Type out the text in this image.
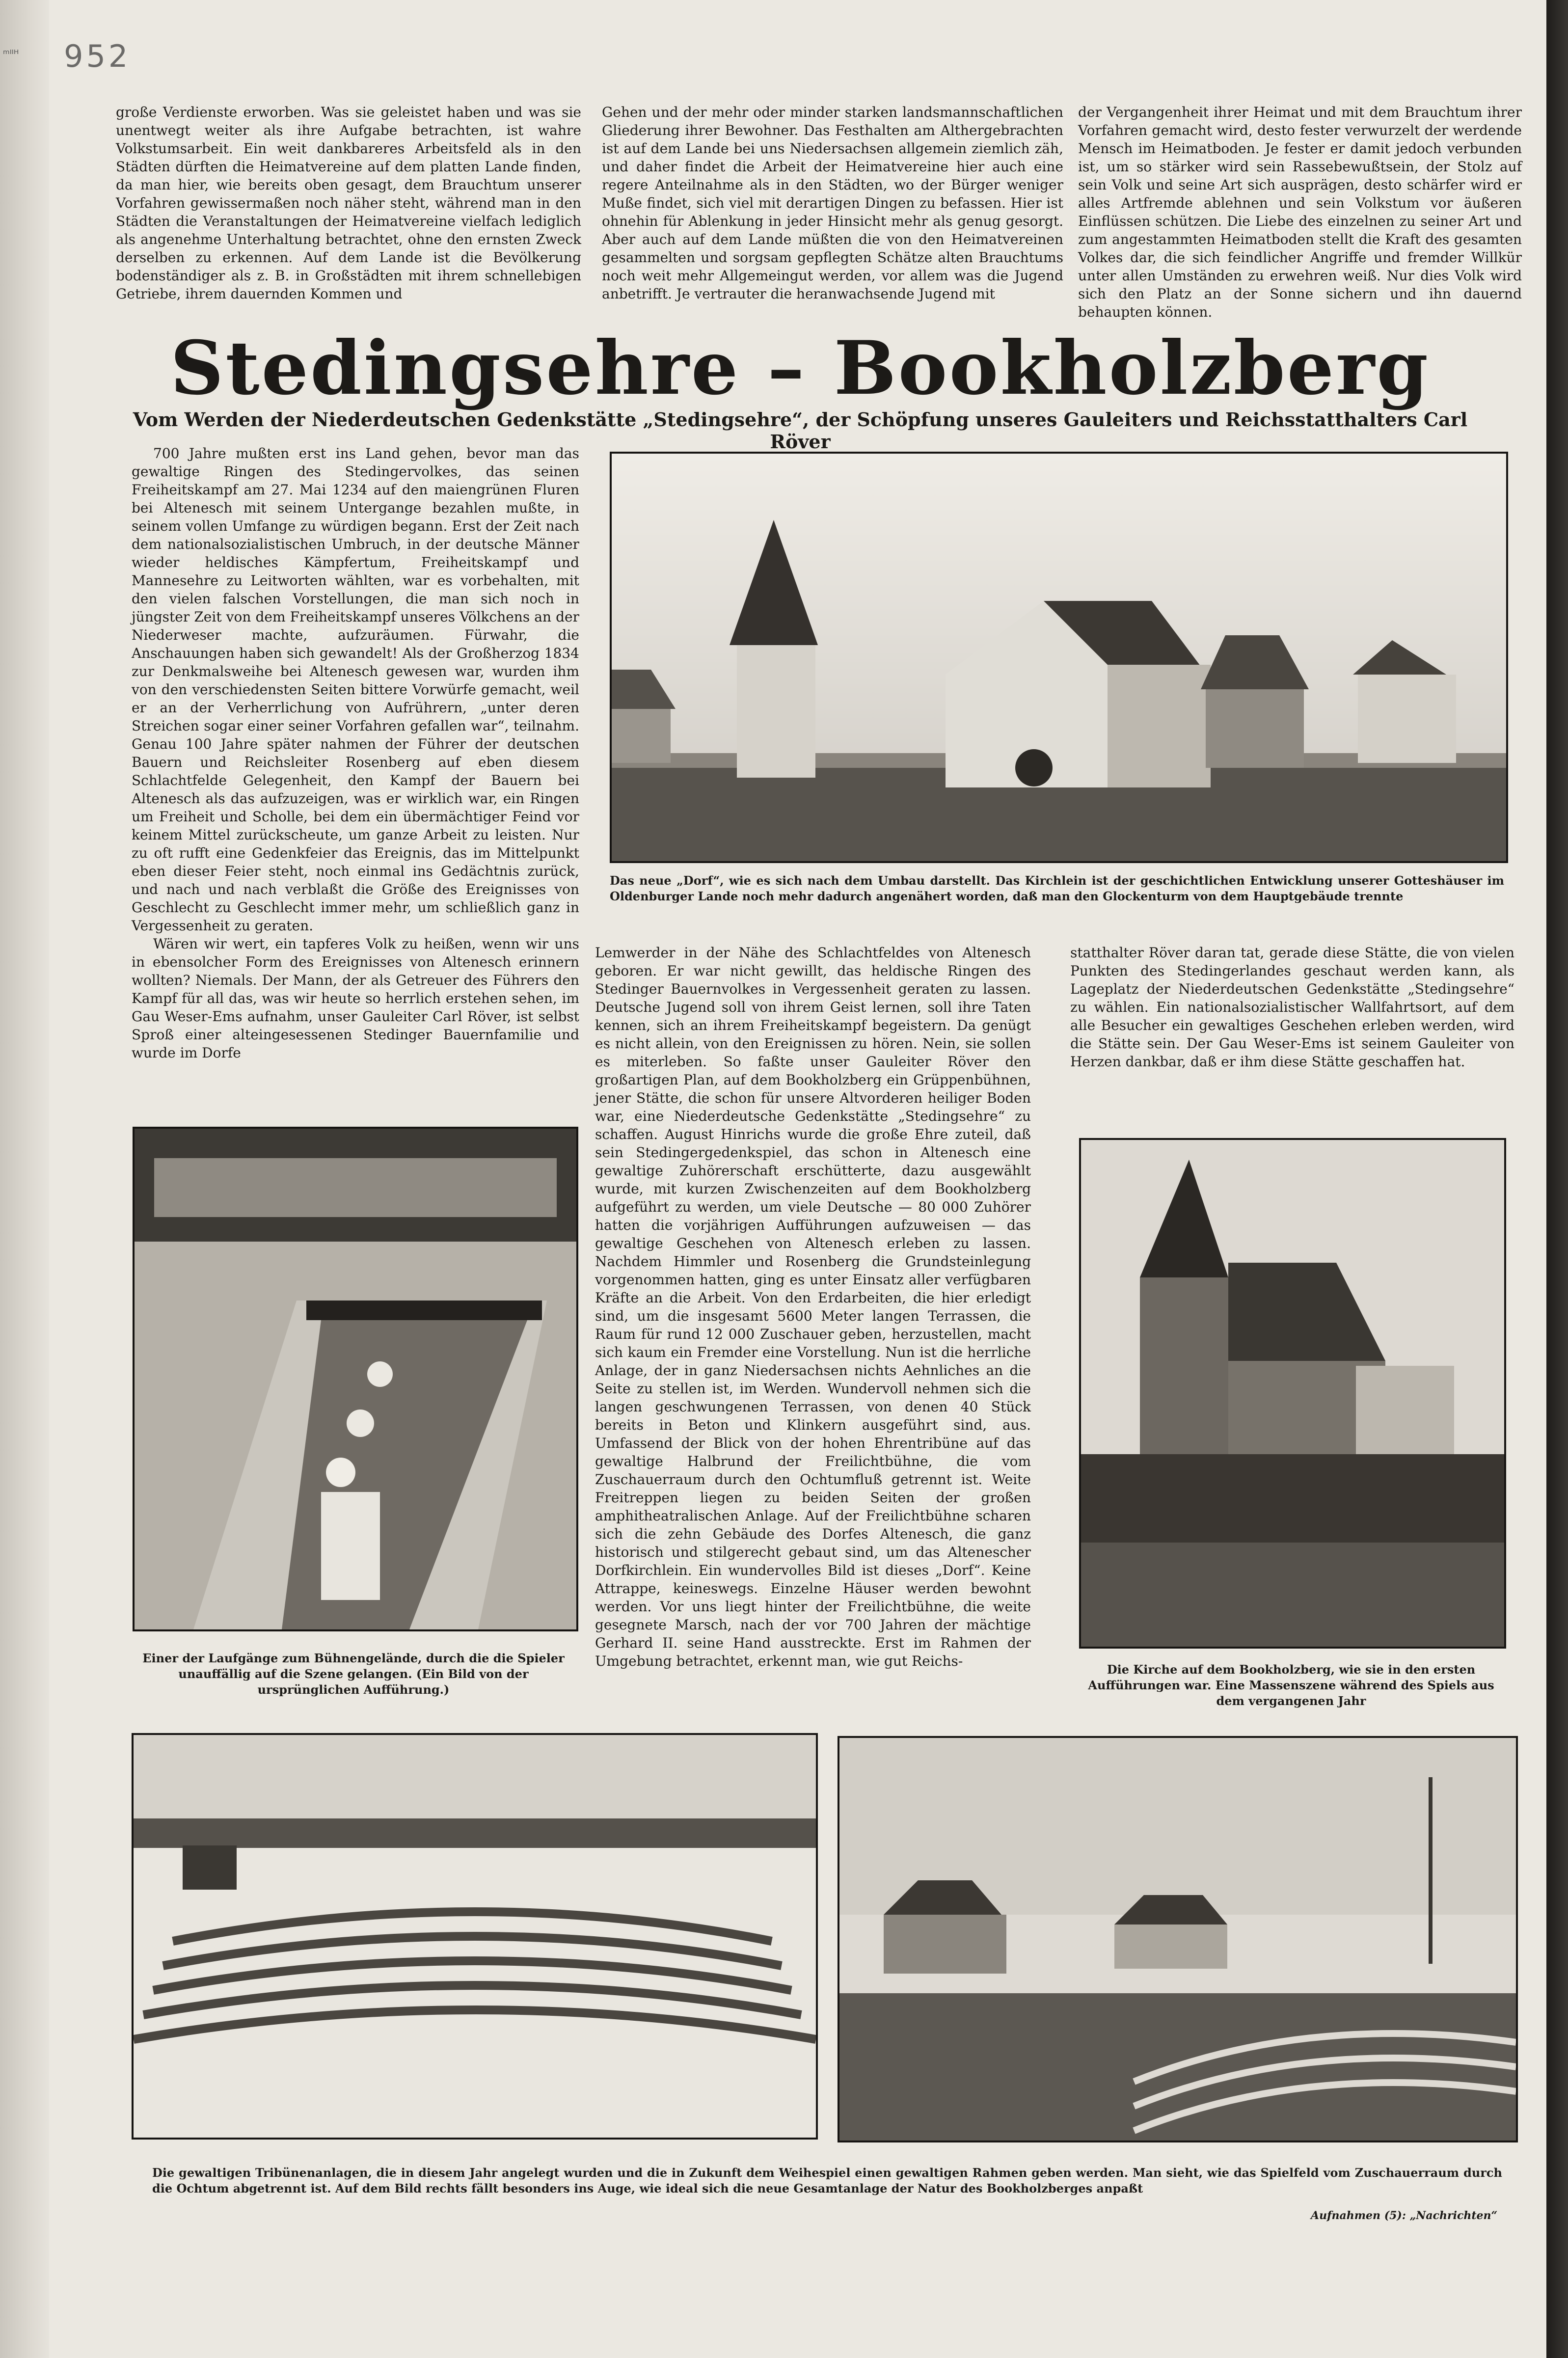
ᵐᴵᴵᴴ 952

große Verdienste erworben. Was sie geleistet haben und was sie unentwegt weiter als ihre Aufgabe betrachten, ist wahre Volkstumsarbeit. Ein weit dankbareres Arbeitsfeld als in den Städten dürften die Heimatvereine auf dem platten Lande finden, da man hier, wie bereits oben gesagt, dem Brauchtum unserer Vorfahren gewissermaßen noch näher steht, während man in den Städten die Veranstaltungen der Heimatvereine vielfach lediglich als angenehme Unterhaltung betrachtet, ohne den ernsten Zweck derselben zu erkennen. Auf dem Lande ist die Bevölkerung bodenständiger als z. B. in Großstädten mit ihrem schnellebigen Getriebe, ihrem dauernden Kommen und

Gehen und der mehr oder minder starken landsmannschaftlichen Gliederung ihrer Bewohner. Das Festhalten am Althergebrachten ist auf dem Lande bei uns Niedersachsen allgemein ziemlich zäh, und daher findet die Arbeit der Heimatvereine hier auch eine regere Anteilnahme als in den Städten, wo der Bürger weniger Muße findet, sich viel mit derartigen Dingen zu befassen. Hier ist ohnehin für Ablenkung in jeder Hinsicht mehr als genug gesorgt. Aber auch auf dem Lande müßten die von den Heimatvereinen gesammelten und sorgsam gepflegten Schätze alten Brauchtums noch weit mehr Allgemeingut werden, vor allem was die Jugend anbetrifft. Je vertrauter die heranwachsende Jugend mit

der Vergangenheit ihrer Heimat und mit dem Brauchtum ihrer Vorfahren gemacht wird, desto fester verwurzelt der werdende Mensch im Heimatboden. Je fester er damit jedoch verbunden ist, um so stärker wird sein Rassebewußtsein, der Stolz auf sein Volk und seine Art sich ausprägen, desto schärfer wird er alles Artfremde ablehnen und sein Volkstum vor äußeren Einflüssen schützen. Die Liebe des einzelnen zu seiner Art und zum angestammten Heimatboden stellt die Kraft des gesamten Volkes dar, die sich feindlicher Angriffe und fremder Willkür unter allen Umständen zu erwehren weiß. Nur dies Volk wird sich den Platz an der Sonne sichern und ihn dauernd behaupten können.

Stedingsehre – Bookholzberg
Vom Werden der Niederdeutschen Gedenkstätte „Stedingsehre“, der Schöpfung unseres Gauleiters und Reichsstatthalters Carl Röver

700 Jahre mußten erst ins Land gehen, bevor man das gewaltige Ringen des Stedingervolkes, das seinen Freiheitskampf am 27. Mai 1234 auf den maiengrünen Fluren bei Altenesch mit seinem Untergange bezahlen mußte, in seinem vollen Umfange zu würdigen begann. Erst der Zeit nach dem nationalsozialistischen Umbruch, in der deutsche Männer wieder heldisches Kämpfertum, Freiheitskampf und Mannesehre zu Leitworten wählten, war es vorbehalten, mit den vielen falschen Vorstellungen, die man sich noch in jüngster Zeit von dem Freiheitskampf unseres Völkchens an der Niederweser machte, aufzuräumen. Fürwahr, die Anschauungen haben sich gewandelt! Als der Großherzog 1834 zur Denkmalsweihe bei Altenesch gewesen war, wurden ihm von den verschiedensten Seiten bittere Vorwürfe gemacht, weil er an der Verherrlichung von Aufrührern, „unter deren Streichen sogar einer seiner Vorfahren gefallen war“, teilnahm. Genau 100 Jahre später nahmen der Führer der deutschen Bauern und Reichsleiter Rosenberg auf eben diesem Schlachtfelde Gelegenheit, den Kampf der Bauern bei Altenesch als das aufzuzeigen, was er wirklich war, ein Ringen um Freiheit und Scholle, bei dem ein übermächtiger Feind vor keinem Mittel zurückscheute, um ganze Arbeit zu leisten. Nur zu oft rufft eine Gedenkfeier das Ereignis, das im Mittelpunkt eben dieser Feier steht, noch einmal ins Gedächtnis zurück, und nach und nach verblaßt die Größe des Ereignisses von Geschlecht zu Geschlecht immer mehr, um schließlich ganz in Vergessenheit zu geraten.

Wären wir wert, ein tapferes Volk zu heißen, wenn wir uns in ebensolcher Form des Ereignisses von Altenesch erinnern wollten? Niemals. Der Mann, der als Getreuer des Führers den Kampf für all das, was wir heute so herrlich erstehen sehen, im Gau Weser-Ems aufnahm, unser Gauleiter Carl Röver, ist selbst Sproß einer alteingesessenen Stedinger Bauernfamilie und wurde im Dorfe

Das neue „Dorf“, wie es sich nach dem Umbau darstellt. Das Kirchlein ist der geschichtlichen Entwicklung unserer Gotteshäuser im Oldenburger Lande noch mehr dadurch angenähert worden, daß man den Glockenturm von dem Hauptgebäude trennte

Lemwerder in der Nähe des Schlachtfeldes von Altenesch geboren. Er war nicht gewillt, das heldische Ringen des Stedinger Bauernvolkes in Vergessenheit geraten zu lassen. Deutsche Jugend soll von ihrem Geist lernen, soll ihre Taten kennen, sich an ihrem Freiheitskampf begeistern. Da genügt es nicht allein, von den Ereignissen zu hören. Nein, sie sollen es miterleben. So faßte unser Gauleiter Röver den großartigen Plan, auf dem Bookholzberg ein Grüppenbühnen, jener Stätte, die schon für unsere Altvorderen heiliger Boden war, eine Niederdeutsche Gedenkstätte „Stedingsehre“ zu schaffen. August Hinrichs wurde die große Ehre zuteil, daß sein Stedingergedenkspiel, das schon in Altenesch eine gewaltige Zuhörerschaft erschütterte, dazu ausgewählt wurde, mit kurzen Zwischenzeiten auf dem Bookholzberg aufgeführt zu werden, um viele Deutsche — 80 000 Zuhörer hatten die vorjährigen Aufführungen aufzuweisen — das gewaltige Geschehen von Altenesch erleben zu lassen. Nachdem Himmler und Rosenberg die Grundsteinlegung vorgenommen hatten, ging es unter Einsatz aller verfügbaren Kräfte an die Arbeit. Von den Erdarbeiten, die hier erledigt sind, um die insgesamt 5600 Meter langen Terrassen, die Raum für rund 12 000 Zuschauer geben, herzustellen, macht sich kaum ein Fremder eine Vorstellung. Nun ist die herrliche Anlage, der in ganz Niedersachsen nichts Aehnliches an die Seite zu stellen ist, im Werden. Wundervoll nehmen sich die langen geschwungenen Terrassen, von denen 40 Stück bereits in Beton und Klinkern ausgeführt sind, aus. Umfassend der Blick von der hohen Ehrentribüne auf das gewaltige Halbrund der Freilichtbühne, die vom Zuschauerraum durch den Ochtumfluß getrennt ist. Weite Freitreppen liegen zu beiden Seiten der großen amphitheatralischen Anlage. Auf der Freilichtbühne scharen sich die zehn Gebäude des Dorfes Altenesch, die ganz historisch und stilgerecht gebaut sind, um das Altenescher Dorfkirchlein. Ein wundervolles Bild ist dieses „Dorf“. Keine Attrappe, keineswegs. Einzelne Häuser werden bewohnt werden. Vor uns liegt hinter der Freilichtbühne, die weite gesegnete Marsch, nach der vor 700 Jahren der mächtige Gerhard II. seine Hand ausstreckte. Erst im Rahmen der Umgebung betrachtet, erkennt man, wie gut Reichs-

statthalter Röver daran tat, gerade diese Stätte, die von vielen Punkten des Stedingerlandes geschaut werden kann, als Lageplatz der Niederdeutschen Gedenkstätte „Stedingsehre“ zu wählen. Ein nationalsozialistischer Wallfahrtsort, auf dem alle Besucher ein gewaltiges Geschehen erleben werden, wird die Stätte sein. Der Gau Weser-Ems ist seinem Gauleiter von Herzen dankbar, daß er ihm diese Stätte geschaffen hat.

Einer der Laufgänge zum Bühnengelände, durch die die Spieler unauffällig auf die Szene gelangen. (Ein Bild von der ursprünglichen Aufführung.)
Die Kirche auf dem Bookholzberg, wie sie in den ersten Aufführungen war. Eine Massenszene während des Spiels aus dem vergangenen Jahr
Die gewaltigen Tribünenanlagen, die in diesem Jahr angelegt wurden und die in Zukunft dem Weihespiel einen gewaltigen Rahmen geben werden. Man sieht, wie das Spielfeld vom Zuschauerraum durch die Ochtum abgetrennt ist. Auf dem Bild rechts fällt besonders ins Auge, wie ideal sich die neue Gesamtanlage der Natur des Bookholzberges anpaßt
Aufnahmen (5): „Nachrichten“
